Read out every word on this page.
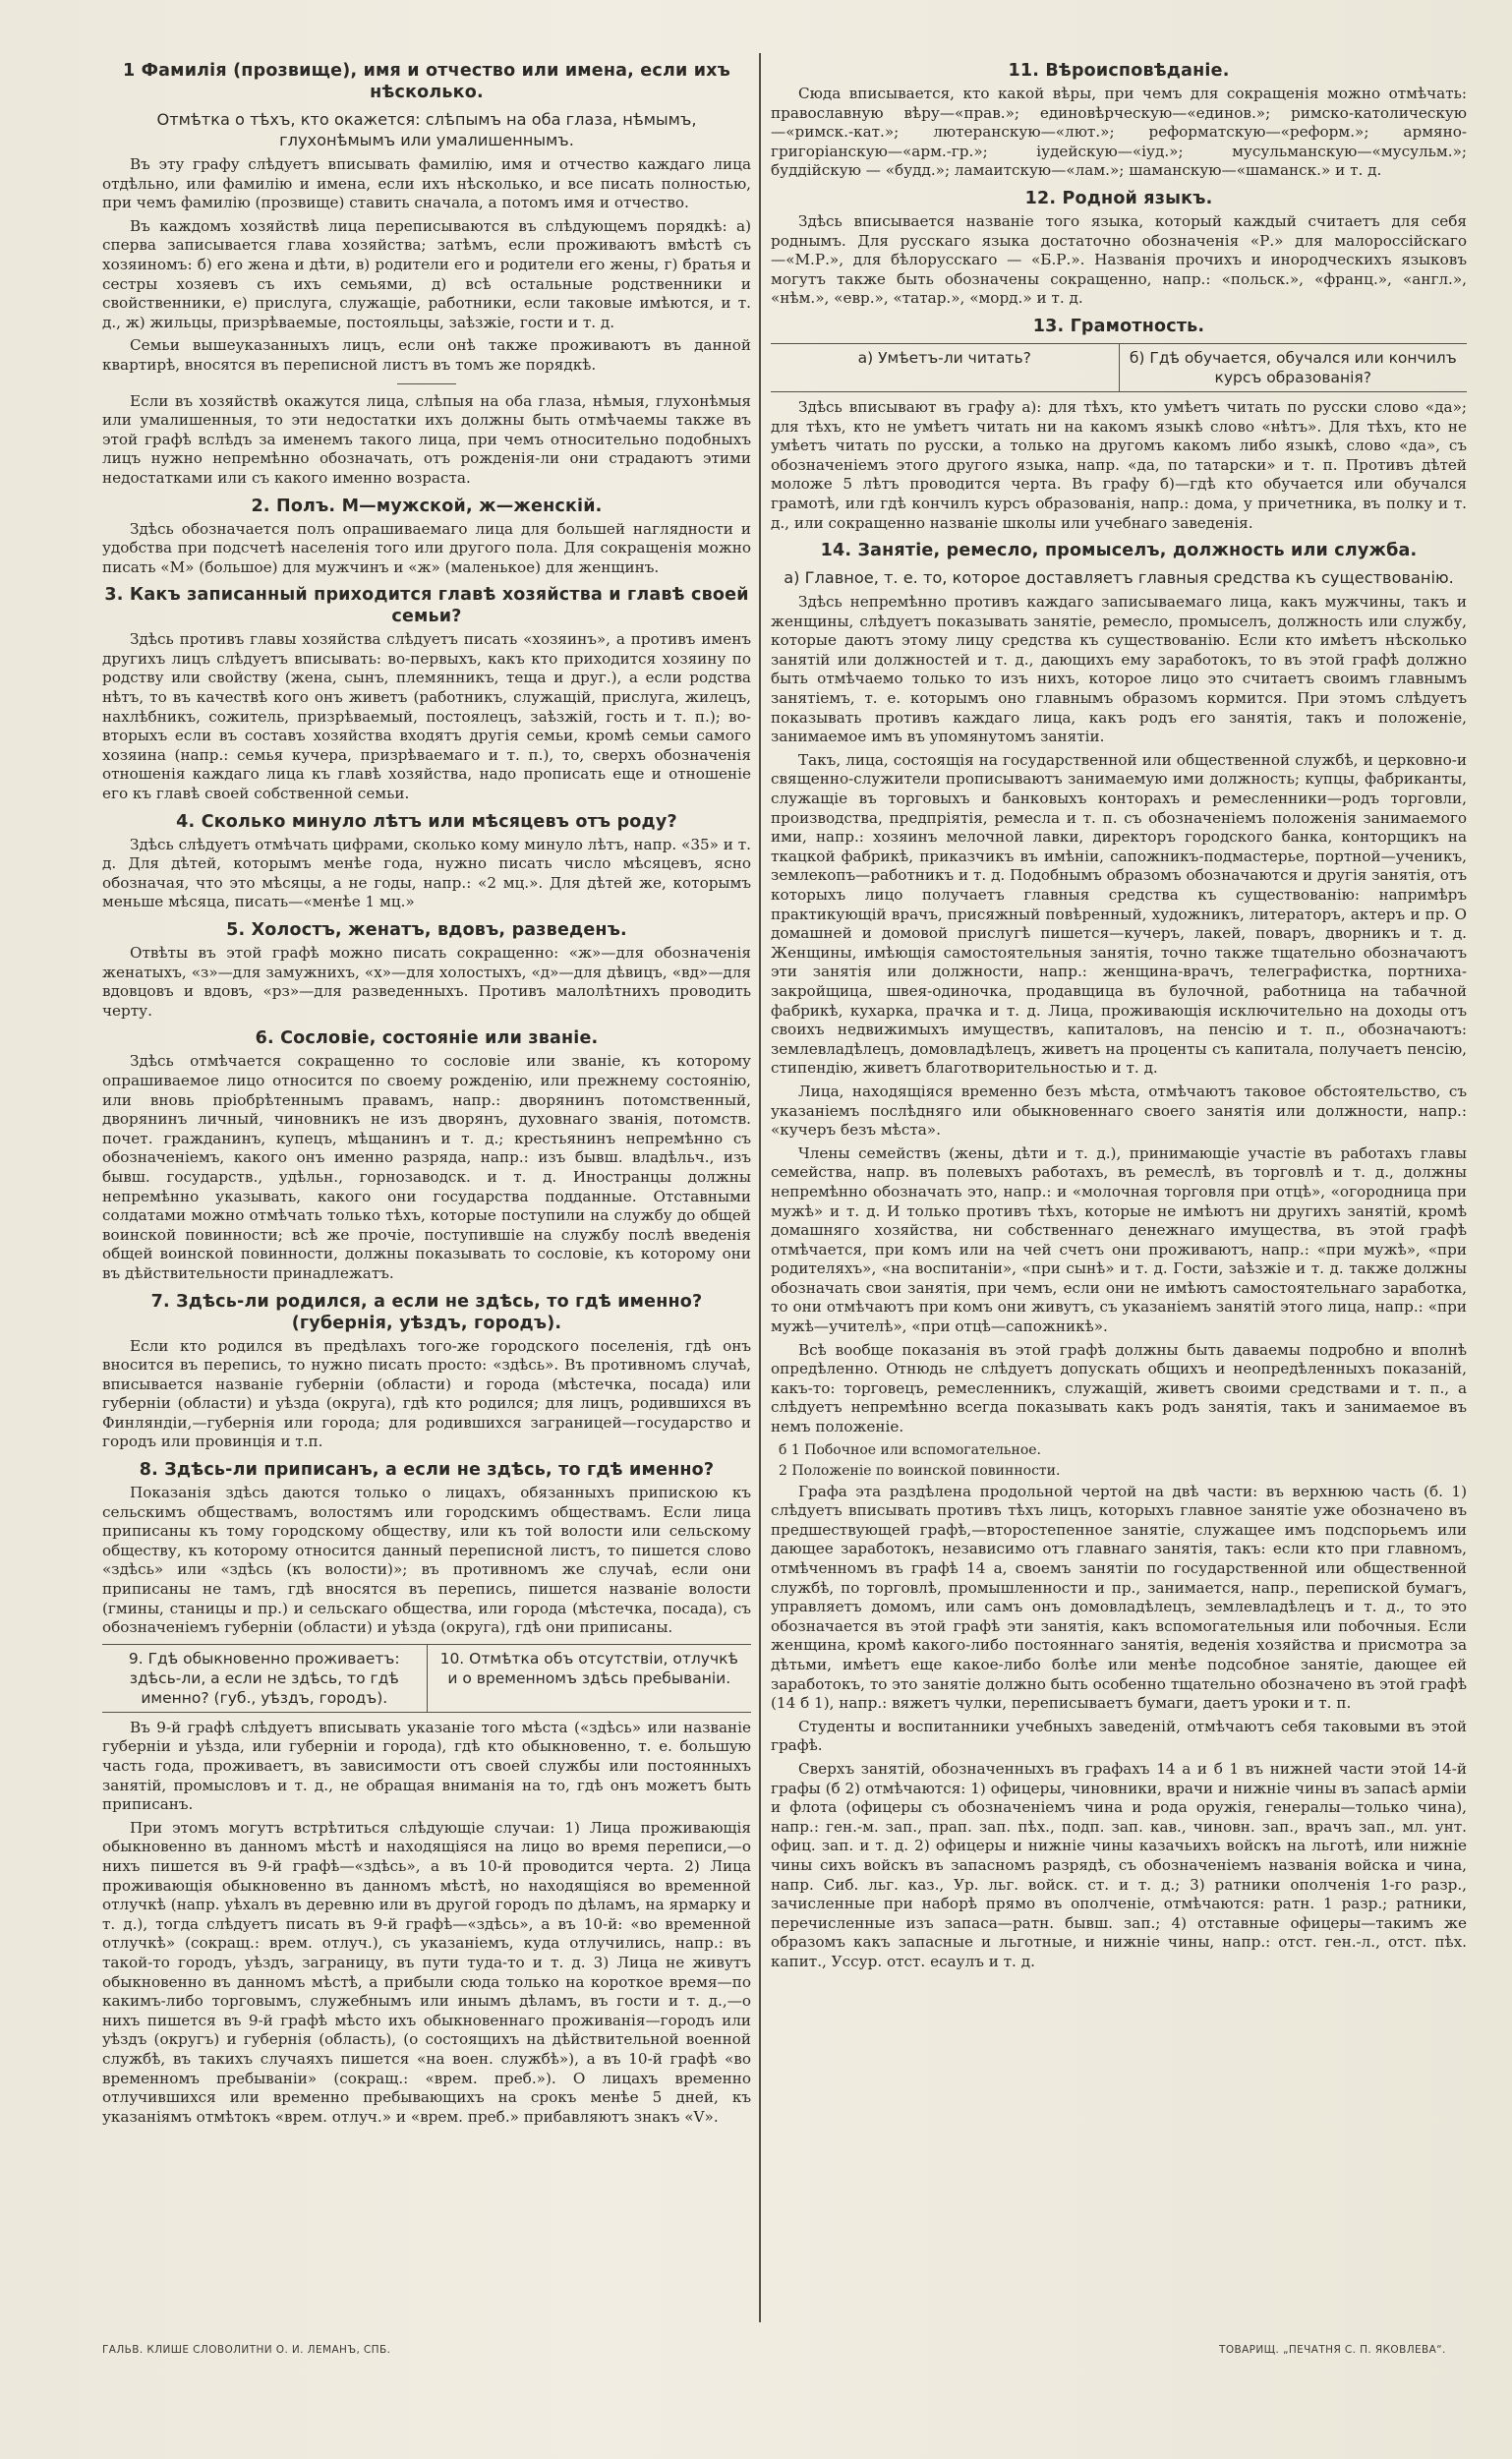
1 Фамилія (прозвище), имя и отчество или имена, если ихъ нѣсколько.
Отмѣтка о тѣхъ, кто окажется: слѣпымъ на оба глаза, нѣмымъ, глухонѣмымъ или умалишеннымъ.
Въ эту графу слѣдуетъ вписывать фамилію, имя и отчество каждаго лица отдѣльно, или фамилію и имена, если ихъ нѣсколько, и все писать полностью, при чемъ фамилію (прозвище) ставить сначала, а потомъ имя и отчество.
Въ каждомъ хозяйствѣ лица переписываются въ слѣдующемъ порядкѣ: а) сперва записывается глава хозяйства; затѣмъ, если проживаютъ вмѣстѣ съ хозяиномъ: б) его жена и дѣти, в) родители его и родители его жены, г) братья и сестры хозяевъ съ ихъ семьями, д) всѣ остальные родственники и свойственники, е) прислуга, служащіе, работники, если таковые имѣются, и т. д., ж) жильцы, призрѣваемые, постояльцы, заѣзжіе, гости и т. д.
Семьи вышеуказанныхъ лицъ, если онѣ также проживаютъ въ данной квартирѣ, вносятся въ переписной листъ въ томъ же порядкѣ.
Если въ хозяйствѣ окажутся лица, слѣпыя на оба глаза, нѣмыя, глухонѣмыя или умалишенныя, то эти недостатки ихъ должны быть отмѣчаемы также въ этой графѣ вслѣдъ за именемъ такого лица, при чемъ относительно подобныхъ лицъ нужно непремѣнно обозначать, отъ рожденія-ли они страдаютъ этими недостатками или съ какого именно возраста.
2. Полъ. М—мужской, ж—женскій.
Здѣсь обозначается полъ опрашиваемаго лица для большей наглядности и удобства при подсчетѣ населенія того или другого пола. Для сокращенія можно писать «М» (большое) для мужчинъ и «ж» (маленькое) для женщинъ.
3. Какъ записанный приходится главѣ хозяйства и главѣ своей семьи?
Здѣсь противъ главы хозяйства слѣдуетъ писать «хозяинъ», а противъ именъ другихъ лицъ слѣдуетъ вписывать: во-первыхъ, какъ кто приходится хозяину по родству или свойству (жена, сынъ, племянникъ, теща и друг.), а если родства нѣтъ, то въ качествѣ кого онъ живетъ (работникъ, служащій, прислуга, жилецъ, нахлѣбникъ, сожитель, призрѣваемый, постоялецъ, заѣзжій, гость и т. п.); во-вторыхъ если въ составъ хозяйства входятъ другія семьи, кромѣ семьи самого хозяина (напр.: семья кучера, призрѣваемаго и т. п.), то, сверхъ обозначенія отношенія каждаго лица къ главѣ хозяйства, надо прописать еще и отношеніе его къ главѣ своей собственной семьи.
4. Сколько минуло лѣтъ или мѣсяцевъ отъ роду?
Здѣсь слѣдуетъ отмѣчать цифрами, сколько кому минуло лѣтъ, напр. «35» и т. д. Для дѣтей, которымъ менѣе года, нужно писать число мѣсяцевъ, ясно обозначая, что это мѣсяцы, а не годы, напр.: «2 мц.». Для дѣтей же, которымъ меньше мѣсяца, писать—«менѣе 1 мц.»
5. Холостъ, женатъ, вдовъ, разведенъ.
Отвѣты въ этой графѣ можно писать сокращенно: «ж»—для обозначенія женатыхъ, «з»—для замужнихъ, «х»—для холостыхъ, «д»—для дѣвицъ, «вд»—для вдовцовъ и вдовъ, «рз»—для разведенныхъ. Противъ малолѣтнихъ проводить черту.
6. Сословіе, состояніе или званіе.
Здѣсь отмѣчается сокращенно то сословіе или званіе, къ которому опрашиваемое лицо относится по своему рожденію, или прежнему состоянію, или вновь пріобрѣтеннымъ правамъ, напр.: дворянинъ потомственный, дворянинъ личный, чиновникъ не изъ дворянъ, духовнаго званія, потомств. почет. гражданинъ, купецъ, мѣщанинъ и т. д.; крестьянинъ непремѣнно съ обозначеніемъ, какого онъ именно разряда, напр.: изъ бывш. владѣльч., изъ бывш. государств., удѣльн., горнозаводск. и т. д. Иностранцы должны непремѣнно указывать, какого они государства подданные. Отставными солдатами можно отмѣчать только тѣхъ, которые поступили на службу до общей воинской повинности; всѣ же прочіе, поступившіе на службу послѣ введенія общей воинской повинности, должны показывать то сословіе, къ которому они въ дѣйствительности принадлежатъ.
7. Здѣсь-ли родился, а если не здѣсь, то гдѣ именно? (губернія, уѣздъ, городъ).
Если кто родился въ предѣлахъ того-же городского поселенія, гдѣ онъ вносится въ перепись, то нужно писать просто: «здѣсь». Въ противномъ случаѣ, вписывается названіе губерніи (области) и города (мѣстечка, посада) или губерніи (области) и уѣзда (округа), гдѣ кто родился; для лицъ, родившихся въ Финляндіи,—губернія или города; для родившихся заграницей—государство и городъ или провинція и т.п.
8. Здѣсь-ли приписанъ, а если не здѣсь, то гдѣ именно?
Показанія здѣсь даются только о лицахъ, обязанныхъ припискою къ сельскимъ обществамъ, волостямъ или городскимъ обществамъ. Если лица приписаны къ тому городскому обществу, или къ той волости или сельскому обществу, къ которому относится данный переписной листъ, то пишется слово «здѣсь» или «здѣсь (къ волости)»; въ противномъ же случаѣ, если они приписаны не тамъ, гдѣ вносятся въ перепись, пишется названіе волости (гмины, станицы и пр.) и сельскаго общества, или города (мѣстечка, посада), съ обозначеніемъ губерніи (области) и уѣзда (округа), гдѣ они приписаны.
9. Гдѣ обыкновенно проживаетъ: здѣсь-ли, а если не здѣсь, то гдѣ именно? (губ., уѣздъ, городъ).
10. Отмѣтка объ отсутствіи, отлучкѣ и о временномъ здѣсь пребываніи.
Въ 9-й графѣ слѣдуетъ вписывать указаніе того мѣста («здѣсь» или названіе губерніи и уѣзда, или губерніи и города), гдѣ кто обыкновенно, т. е. большую часть года, проживаетъ, въ зависимости отъ своей службы или постоянныхъ занятій, промысловъ и т. д., не обращая вниманія на то, гдѣ онъ можетъ быть приписанъ.
При этомъ могутъ встрѣтиться слѣдующіе случаи: 1) Лица проживающія обыкновенно въ данномъ мѣстѣ и находящіяся на лицо во время переписи,—о нихъ пишется въ 9-й графѣ—«здѣсь», а въ 10-й проводится черта. 2) Лица проживающія обыкновенно въ данномъ мѣстѣ, но находящіяся во временной отлучкѣ (напр. уѣхалъ въ деревню или въ другой городъ по дѣламъ, на ярмарку и т. д.), тогда слѣдуетъ писать въ 9-й графѣ—«здѣсь», а въ 10-й: «во временной отлучкѣ» (сокращ.: врем. отлуч.), съ указаніемъ, куда отлучились, напр.: въ такой-то городъ, уѣздъ, заграницу, въ пути туда-то и т. д. 3) Лица не живутъ обыкновенно въ данномъ мѣстѣ, а прибыли сюда только на короткое время—по какимъ-либо торговымъ, служебнымъ или инымъ дѣламъ, въ гости и т. д.,—о нихъ пишется въ 9-й графѣ мѣсто ихъ обыкновеннаго проживанія—городъ или уѣздъ (округъ) и губернія (область), (о состоящихъ на дѣйствительной военной службѣ, въ такихъ случаяхъ пишется «на воен. службѣ»), а въ 10-й графѣ «во временномъ пребываніи» (сокращ.: «врем. преб.»). О лицахъ временно отлучившихся или временно пребывающихъ на срокъ менѣе 5 дней, къ указаніямъ отмѣтокъ «врем. отлуч.» и «врем. преб.» прибавляютъ знакъ «V».
11. Вѣроисповѣданіе.
Сюда вписывается, кто какой вѣры, при чемъ для сокращенія можно отмѣчать: православную вѣру—«прав.»; единовѣрческую—«единов.»; римско-католическую—«римск.-кат.»; лютеранскую—«лют.»; реформатскую—«реформ.»; армяно-григоріанскую—«арм.-гр.»; іудейскую—«іуд.»; мусульманскую—«мусульм.»; буддійскую — «будд.»; ламаитскую—«лам.»; шаманскую—«шаманск.» и т. д.
12. Родной языкъ.
Здѣсь вписывается названіе того языка, который каждый считаетъ для себя роднымъ. Для русскаго языка достаточно обозначенія «Р.» для малороссійскаго—«М.Р.», для бѣлорусскаго — «Б.Р.». Названія прочихъ и инородческихъ языковъ могутъ также быть обозначены сокращенно, напр.: «польск.», «франц.», «англ.», «нѣм.», «евр.», «татар.», «морд.» и т. д.
13. Грамотность.
а) Умѣетъ-ли читать?	б) Гдѣ обучается, обучался или кончилъ курсъ образованія?
Здѣсь вписывают въ графу а): для тѣхъ, кто умѣетъ читать по русски слово «да»; для тѣхъ, кто не умѣетъ читать ни на какомъ языкѣ слово «нѣтъ». Для тѣхъ, кто не умѣетъ читать по русски, а только на другомъ какомъ либо языкѣ, слово «да», съ обозначеніемъ этого другого языка, напр. «да, по татарски» и т. п. Противъ дѣтей моложе 5 лѣтъ проводится черта. Въ графу б)—гдѣ кто обучается или обучался грамотѣ, или гдѣ кончилъ курсъ образованія, напр.: дома, у причетника, въ полку и т. д., или сокращенно названіе школы или учебнаго заведенія.
14. Занятіе, ремесло, промыселъ, должность или служба.
а) Главное, т. е. то, которое доставляетъ главныя средства къ существованію.
Здѣсь непремѣнно противъ каждаго записываемаго лица, какъ мужчины, такъ и женщины, слѣдуетъ показывать занятіе, ремесло, промыселъ, должность или службу, которые даютъ этому лицу средства къ существованію. Если кто имѣетъ нѣсколько занятій или должностей и т. д., дающихъ ему заработокъ, то въ этой графѣ должно быть отмѣчаемо только то изъ нихъ, которое лицо это считаетъ своимъ главнымъ занятіемъ, т. е. которымъ оно главнымъ образомъ кормится. При этомъ слѣдуетъ показывать противъ каждаго лица, какъ родъ его занятія, такъ и положеніе, занимаемое имъ въ упомянутомъ занятіи.
Такъ, лица, состоящія на государственной или общественной службѣ, и церковно-и священно-служители прописываютъ занимаемую ими должность; купцы, фабриканты, служащіе въ торговыхъ и банковыхъ конторахъ и ремесленники—родъ торговли, производства, предпріятія, ремесла и т. п. съ обозначеніемъ положенія занимаемого ими, напр.: хозяинъ мелочной лавки, директоръ городского банка, конторщикъ на ткацкой фабрикѣ, приказчикъ въ имѣніи, сапожникъ-подмастерье, портной—ученикъ, землекопъ—работникъ и т. д. Подобнымъ образомъ обозначаются и другія занятія, отъ которыхъ лицо получаетъ главныя средства къ существованію: напримѣръ практикующій врачъ, присяжный повѣренный, художникъ, литераторъ, актеръ и пр. О домашней и домовой прислугѣ пишется—кучеръ, лакей, поваръ, дворникъ и т. д. Женщины, имѣющія самостоятельныя занятія, точно также тщательно обозначаютъ эти занятія или должности, напр.: женщина-врачъ, телеграфистка, портниха-закройщица, швея-одиночка, продавщица въ булочной, работница на табачной фабрикѣ, кухарка, прачка и т. д. Лица, проживающія исключительно на доходы отъ своихъ недвижимыхъ имуществъ, капиталовъ, на пенсію и т. п., обозначаютъ: землевладѣлецъ, домовладѣлецъ, живетъ на проценты съ капитала, получаетъ пенсію, стипендію, живетъ благотворительностью и т. д.
Лица, находящіяся временно безъ мѣста, отмѣчаютъ таковое обстоятельство, съ указаніемъ послѣдняго или обыкновеннаго своего занятія или должности, напр.: «кучеръ безъ мѣста».
Члены семействъ (жены, дѣти и т. д.), принимающіе участіе въ работахъ главы семейства, напр. въ полевыхъ работахъ, въ ремеслѣ, въ торговлѣ и т. д., должны непремѣнно обозначать это, напр.: и «молочная торговля при отцѣ», «огородница при мужѣ» и т. д. И только противъ тѣхъ, которые не имѣютъ ни другихъ занятій, кромѣ домашняго хозяйства, ни собственнаго денежнаго имущества, въ этой графѣ отмѣчается, при комъ или на чей счетъ они проживаютъ, напр.: «при мужѣ», «при родителяхъ», «на воспитаніи», «при сынѣ» и т. д. Гости, заѣзжіе и т. д. также должны обозначать свои занятія, при чемъ, если они не имѣютъ самостоятельнаго заработка, то они отмѣчаютъ при комъ они живутъ, съ указаніемъ занятій этого лица, напр.: «при мужѣ—учителѣ», «при отцѣ—сапожникѣ».
Всѣ вообще показанія въ этой графѣ должны быть даваемы подробно и вполнѣ опредѣленно. Отнюдь не слѣдуетъ допускать общихъ и неопредѣленныхъ показаній, какъ-то: торговецъ, ремесленникъ, служащій, живетъ своими средствами и т. п., а слѣдуетъ непремѣнно всегда показывать какъ родъ занятія, такъ и занимаемое въ немъ положеніе.
б 1 Побочное или вспомогательное.
2 Положеніе по воинской повинности.
Графа эта раздѣлена продольной чертой на двѣ части: въ верхнюю часть (б. 1) слѣдуетъ вписывать противъ тѣхъ лицъ, которыхъ главное занятіе уже обозначено въ предшествующей графѣ,—второстепенное занятіе, служащее имъ подспорьемъ или дающее заработокъ, независимо отъ главнаго занятія, такъ: если кто при главномъ, отмѣченномъ въ графѣ 14 а, своемъ занятіи по государственной или общественной службѣ, по торговлѣ, промышленности и пр., занимается, напр., перепиской бумагъ, управляетъ домомъ, или самъ онъ домовладѣлецъ, землевладѣлецъ и т. д., то это обозначается въ этой графѣ эти занятія, какъ вспомогательныя или побочныя. Если женщина, кромѣ какого-либо постояннаго занятія, веденія хозяйства и присмотра за дѣтьми, имѣетъ еще какое-либо болѣе или менѣе подсобное занятіе, дающее ей заработокъ, то это занятіе должно быть особенно тщательно обозначено въ этой графѣ (14 б 1), напр.: вяжетъ чулки, переписываетъ бумаги, даетъ уроки и т. п.
Студенты и воспитанники учебныхъ заведеній, отмѣчаютъ себя таковыми въ этой графѣ.
Сверхъ занятій, обозначенныхъ въ графахъ 14 а и б 1 въ нижней части этой 14-й графы (б 2) отмѣчаются: 1) офицеры, чиновники, врачи и нижніе чины въ запасѣ арміи и флота (офицеры съ обозначеніемъ чина и рода оружія, генералы—только чина), напр.: ген.-м. зап., прап. зап. пѣх., подп. зап. кав., чиновн. зап., врачъ зап., мл. унт. офиц. зап. и т. д. 2) офицеры и нижніе чины казачьихъ войскъ на льготѣ, или нижніе чины сихъ войскъ въ запасномъ разрядѣ, съ обозначеніемъ названія войска и чина, напр. Сиб. льг. каз., Ур. льг. войск. ст. и т. д.; 3) ратники ополченія 1-го разр., зачисленные при наборѣ прямо въ ополченіе, отмѣчаются: ратн. 1 разр.; ратники, перечисленные изъ запаса—ратн. бывш. зап.; 4) отставные офицеры—такимъ же образомъ какъ запасные и льготные, и нижніе чины, напр.: отст. ген.-л., отст. пѣх. капит., Уссур. отст. есаулъ и т. д.
ГАЛЬВ. КЛИШЕ СЛОВОЛИТНИ О. И. ЛЕМАНЪ, СПБ.	ТОВАРИЩ. „ПЕЧАТНЯ С. П. ЯКОВЛЕВА“.
